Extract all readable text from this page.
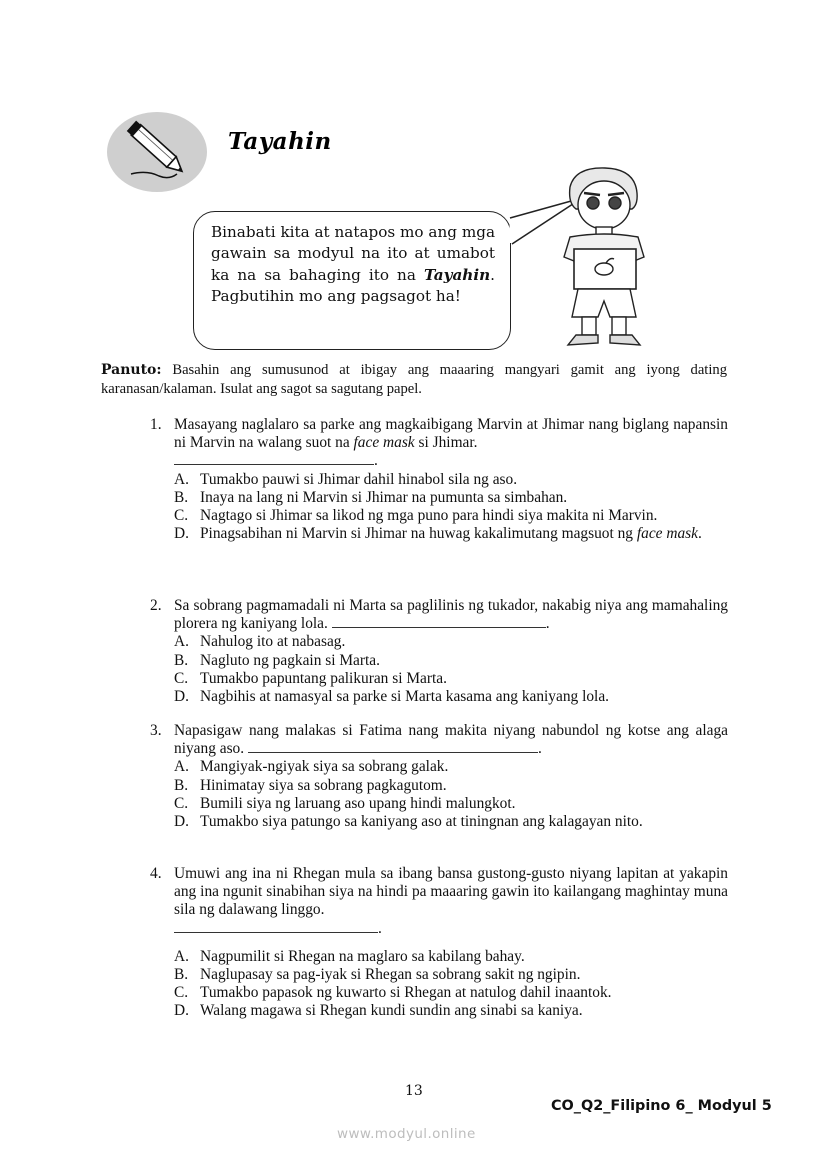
Tayahin
Binabati kita at natapos mo ang mga gawain sa modyul na ito at umabot ka na sa bahaging ito na Tayahin. Pagbutihin mo ang pagsagot ha!
Panuto: Basahin ang sumusunod at ibigay ang maaaring mangyari gamit ang iyong dating karanasan/kalaman. Isulat ang sagot sa sagutang papel.
1. Masayang naglalaro sa parke ang magkaibigang Marvin at Jhimar nang biglang napansin ni Marvin na walang suot na face mask si Jhimar.
.
A. Tumakbo pauwi si Jhimar dahil hinabol sila ng aso.
B. Inaya na lang ni Marvin si Jhimar na pumunta sa simbahan.
C. Nagtago si Jhimar sa likod ng mga puno para hindi siya makita ni Marvin.
D. Pinagsabihan ni Marvin si Jhimar na huwag kakalimutang magsuot ng face mask.
2. Sa sobrang pagmamadali ni Marta sa paglilinis ng tukador, nakabig niya ang mamahaling plorera ng kaniyang lola.	.
A. Nahulog ito at nabasag.
B. Nagluto ng pagkain si Marta.
C. Tumakbo papuntang palikuran si Marta.
D. Nagbihis at namasyal sa parke si Marta kasama ang kaniyang lola.
3. Napasigaw nang malakas si Fatima nang makita niyang nabundol ng kotse ang alaga niyang aso.	.
A. Mangiyak-ngiyak siya sa sobrang galak.
B. Hinimatay siya sa sobrang pagkagutom.
C. Bumili siya ng laruang aso upang hindi malungkot.
D. Tumakbo siya patungo sa kaniyang aso at tiningnan ang kalagayan nito.
4. Umuwi ang ina ni Rhegan mula sa ibang bansa gustong-gusto niyang lapitan at yakapin ang ina ngunit sinabihan siya na hindi pa maaaring gawin ito kailangang maghintay muna sila ng dalawang linggo.
.
A. Nagpumilit si Rhegan na maglaro sa kabilang bahay.
B. Naglupasay sa pag-iyak si Rhegan sa sobrang sakit ng ngipin.
C. Tumakbo papasok ng kuwarto si Rhegan at natulog dahil inaantok.
D. Walang magawa si Rhegan kundi sundin ang sinabi sa kaniya.
13
CO_Q2_Filipino 6_ Modyul 5
www.modyul.online
